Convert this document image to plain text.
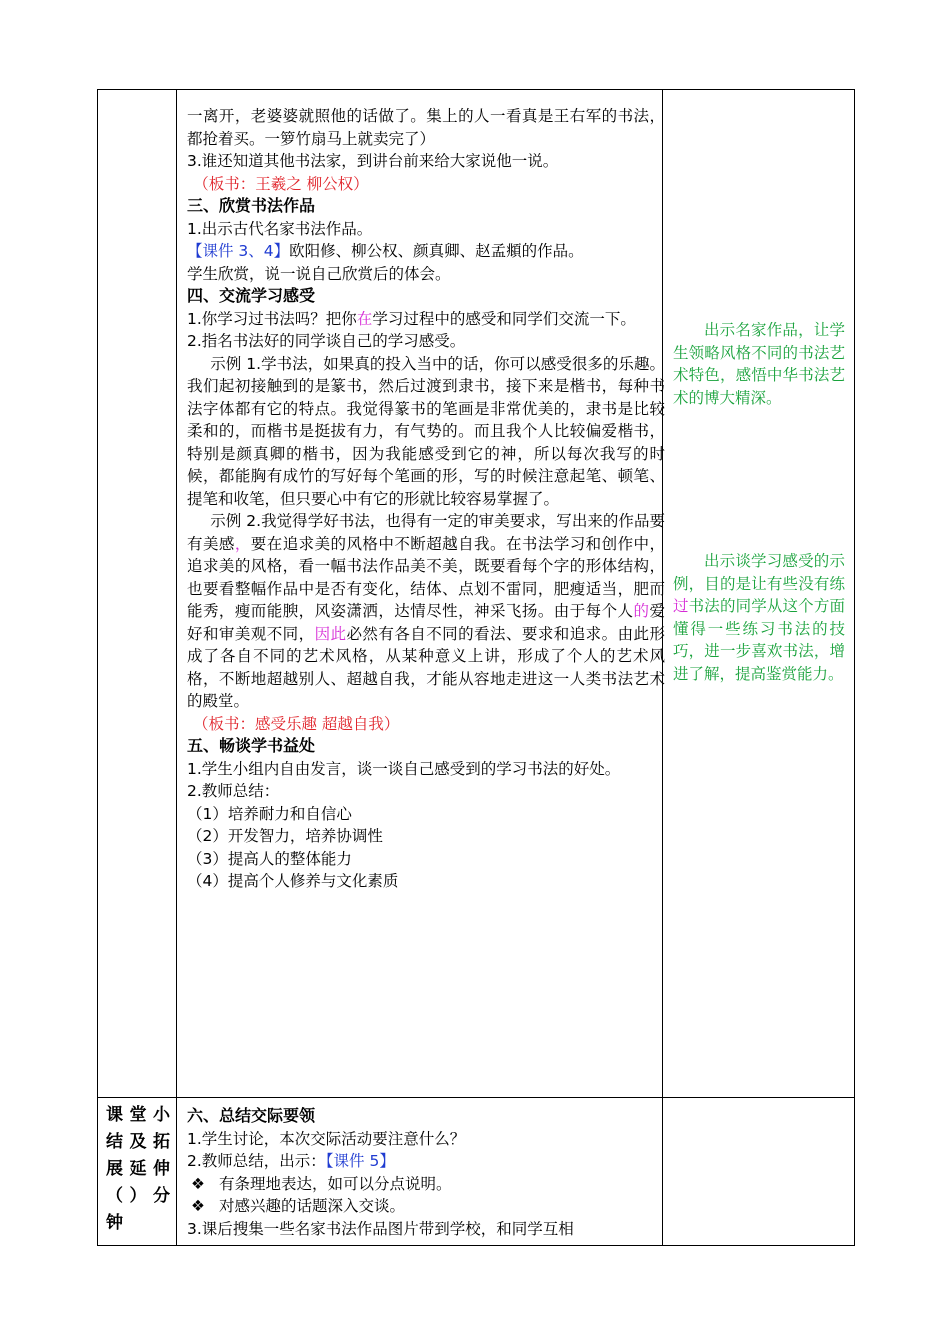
一离开，老婆婆就照他的话做了。集上的人一看真是王右军的书法，都抢着买。一箩竹扇马上就卖完了）

3.谁还知道其他书法家，到讲台前来给大家说他一说。

（板书：王羲之 柳公权）

三、欣赏书法作品

1.出示古代名家书法作品。

【课件 3、4】欧阳修、柳公权、颜真卿、赵孟頫的作品。

学生欣赏，说一说自己欣赏后的体会。

四、交流学习感受

1.你学习过书法吗？把你在学习过程中的感受和同学们交流一下。

2.指名书法好的同学谈自己的学习感受。

示例 1.学书法，如果真的投入当中的话，你可以感受很多的乐趣。我们起初接触到的是篆书，然后过渡到隶书，接下来是楷书，每种书法字体都有它的特点。我觉得篆书的笔画是非常优美的，隶书是比较柔和的，而楷书是挺拔有力，有气势的。而且我个人比较偏爱楷书，特别是颜真卿的楷书，因为我能感受到它的神，所以每次我写的时候，都能胸有成竹的写好每个笔画的形，写的时候注意起笔、顿笔、提笔和收笔，但只要心中有它的形就比较容易掌握了。

示例 2.我觉得学好书法，也得有一定的审美要求，写出来的作品要有美感，要在追求美的风格中不断超越自我。在书法学习和创作中，追求美的风格，看一幅书法作品美不美，既要看每个字的形体结构，也要看整幅作品中是否有变化，结体、点划不雷同，肥瘦适当，肥而能秀，瘦而能腴，风姿潇洒，达情尽性，神采飞扬。由于每个人的爱好和审美观不同，因此必然有各自不同的看法、要求和追求。由此形成了各自不同的艺术风格，从某种意义上讲，形成了个人的艺术风格，不断地超越别人、超越自我，才能从容地走进这一人类书法艺术的殿堂。

（板书：感受乐趣 超越自我）

五、畅谈学书益处

1.学生小组内自由发言，谈一谈自己感受到的学习书法的好处。

2.教师总结：

（1）培养耐力和自信心

（2）开发智力，培养协调性

（3）提高人的整体能力

（4）提高个人修养与文化素质

出示名家作品，让学生领略风格不同的书法艺术特色，感悟中华书法艺术的博大精深。
出示谈学习感受的示例，目的是让有些没有练过书法的同学从这个方面懂得一些练习书法的技巧，进一步喜欢书法，增进了解，提高鉴赏能力。
课堂小结及拓展延伸（）分钟

六、总结交际要领

1.学生讨论，本次交际活动要注意什么？

2.教师总结，出示：【课件 5】

❖ 有条理地表达，如可以分点说明。

❖ 对感兴趣的话题深入交谈。

3.课后搜集一些名家书法作品图片带到学校，和同学互相
